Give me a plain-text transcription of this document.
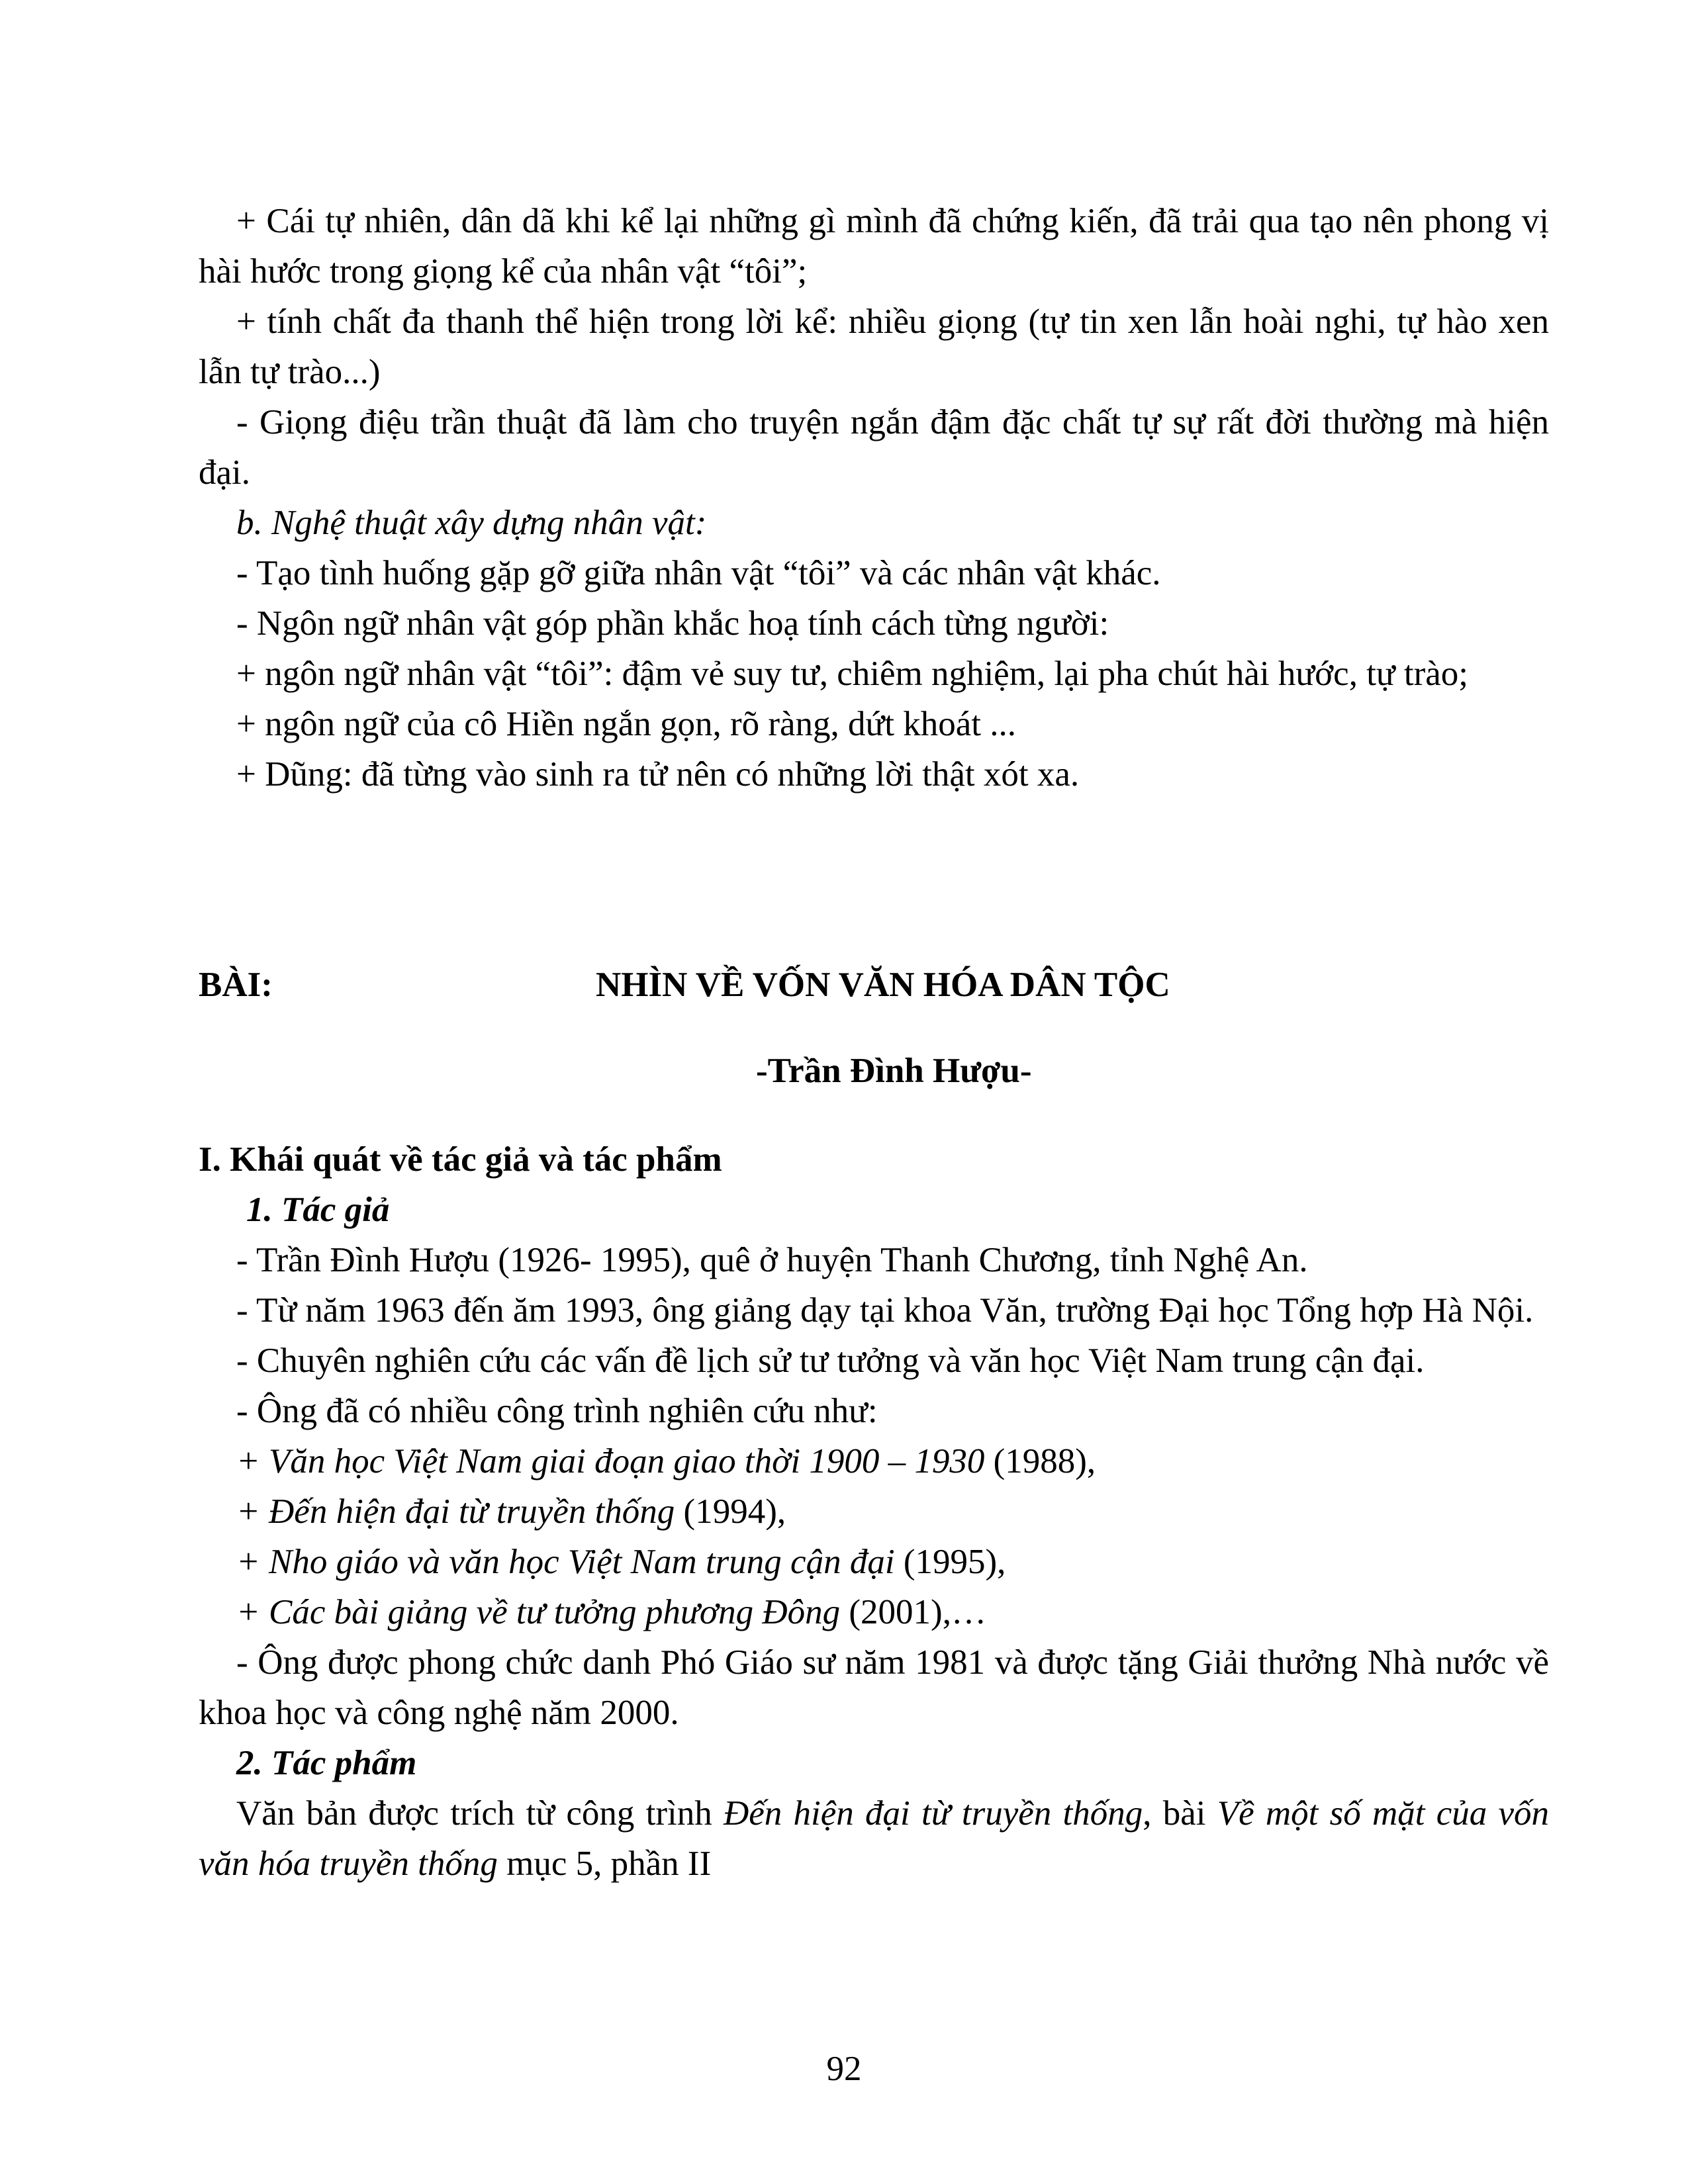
+ Cái tự nhiên, dân dã khi kể lại những gì mình đã chứng kiến, đã trải qua tạo nên phong vị hài hước trong giọng kể của nhân vật “tôi”;

+ tính chất đa thanh thể hiện trong lời kể: nhiều giọng (tự tin xen lẫn hoài nghi, tự hào xen lẫn tự trào...)

- Giọng điệu trần thuật đã làm cho truyện ngắn đậm đặc chất tự sự rất đời thường mà hiện đại.

b. Nghệ thuật xây dựng nhân vật:

- Tạo tình huống gặp gỡ giữa nhân vật “tôi” và các nhân vật khác.

- Ngôn ngữ nhân vật góp phần khắc hoạ tính cách từng người:

+ ngôn ngữ nhân vật “tôi”: đậm vẻ suy tư, chiêm nghiệm, lại pha chút hài hước, tự trào;

+ ngôn ngữ của cô Hiền ngắn gọn, rõ ràng, dứt khoát ...

+ Dũng: đã từng vào sinh ra tử nên có những lời thật xót xa.

BÀI:	NHÌN VỀ VỐN VĂN HÓA DÂN TỘC
-Trần Đình Hượu-

I. Khái quát về tác giả và tác phẩm

1. Tác giả

- Trần Đình Hượu (1926- 1995), quê ở huyện Thanh Chương, tỉnh Nghệ An.

- Từ năm 1963 đến ăm 1993, ông giảng dạy tại khoa Văn, trường Đại học Tổng hợp Hà Nội.

- Chuyên nghiên cứu các vấn đề lịch sử tư tưởng và văn học Việt Nam trung cận đại.

- Ông đã có nhiều công trình nghiên cứu như:

+ Văn học Việt Nam giai đoạn giao thời 1900 – 1930 (1988),

+ Đến hiện đại từ truyền thống (1994),

+ Nho giáo và văn học Việt Nam trung cận đại (1995),

+ Các bài giảng về tư tưởng phương Đông (2001),…

- Ông được phong chức danh Phó Giáo sư năm 1981 và được tặng Giải thưởng Nhà nước về khoa học và công nghệ năm 2000.

2. Tác phẩm

Văn bản được trích từ công trình Đến hiện đại từ truyền thống, bài Về một số mặt của vốn văn hóa truyền thống mục 5, phần II

92
